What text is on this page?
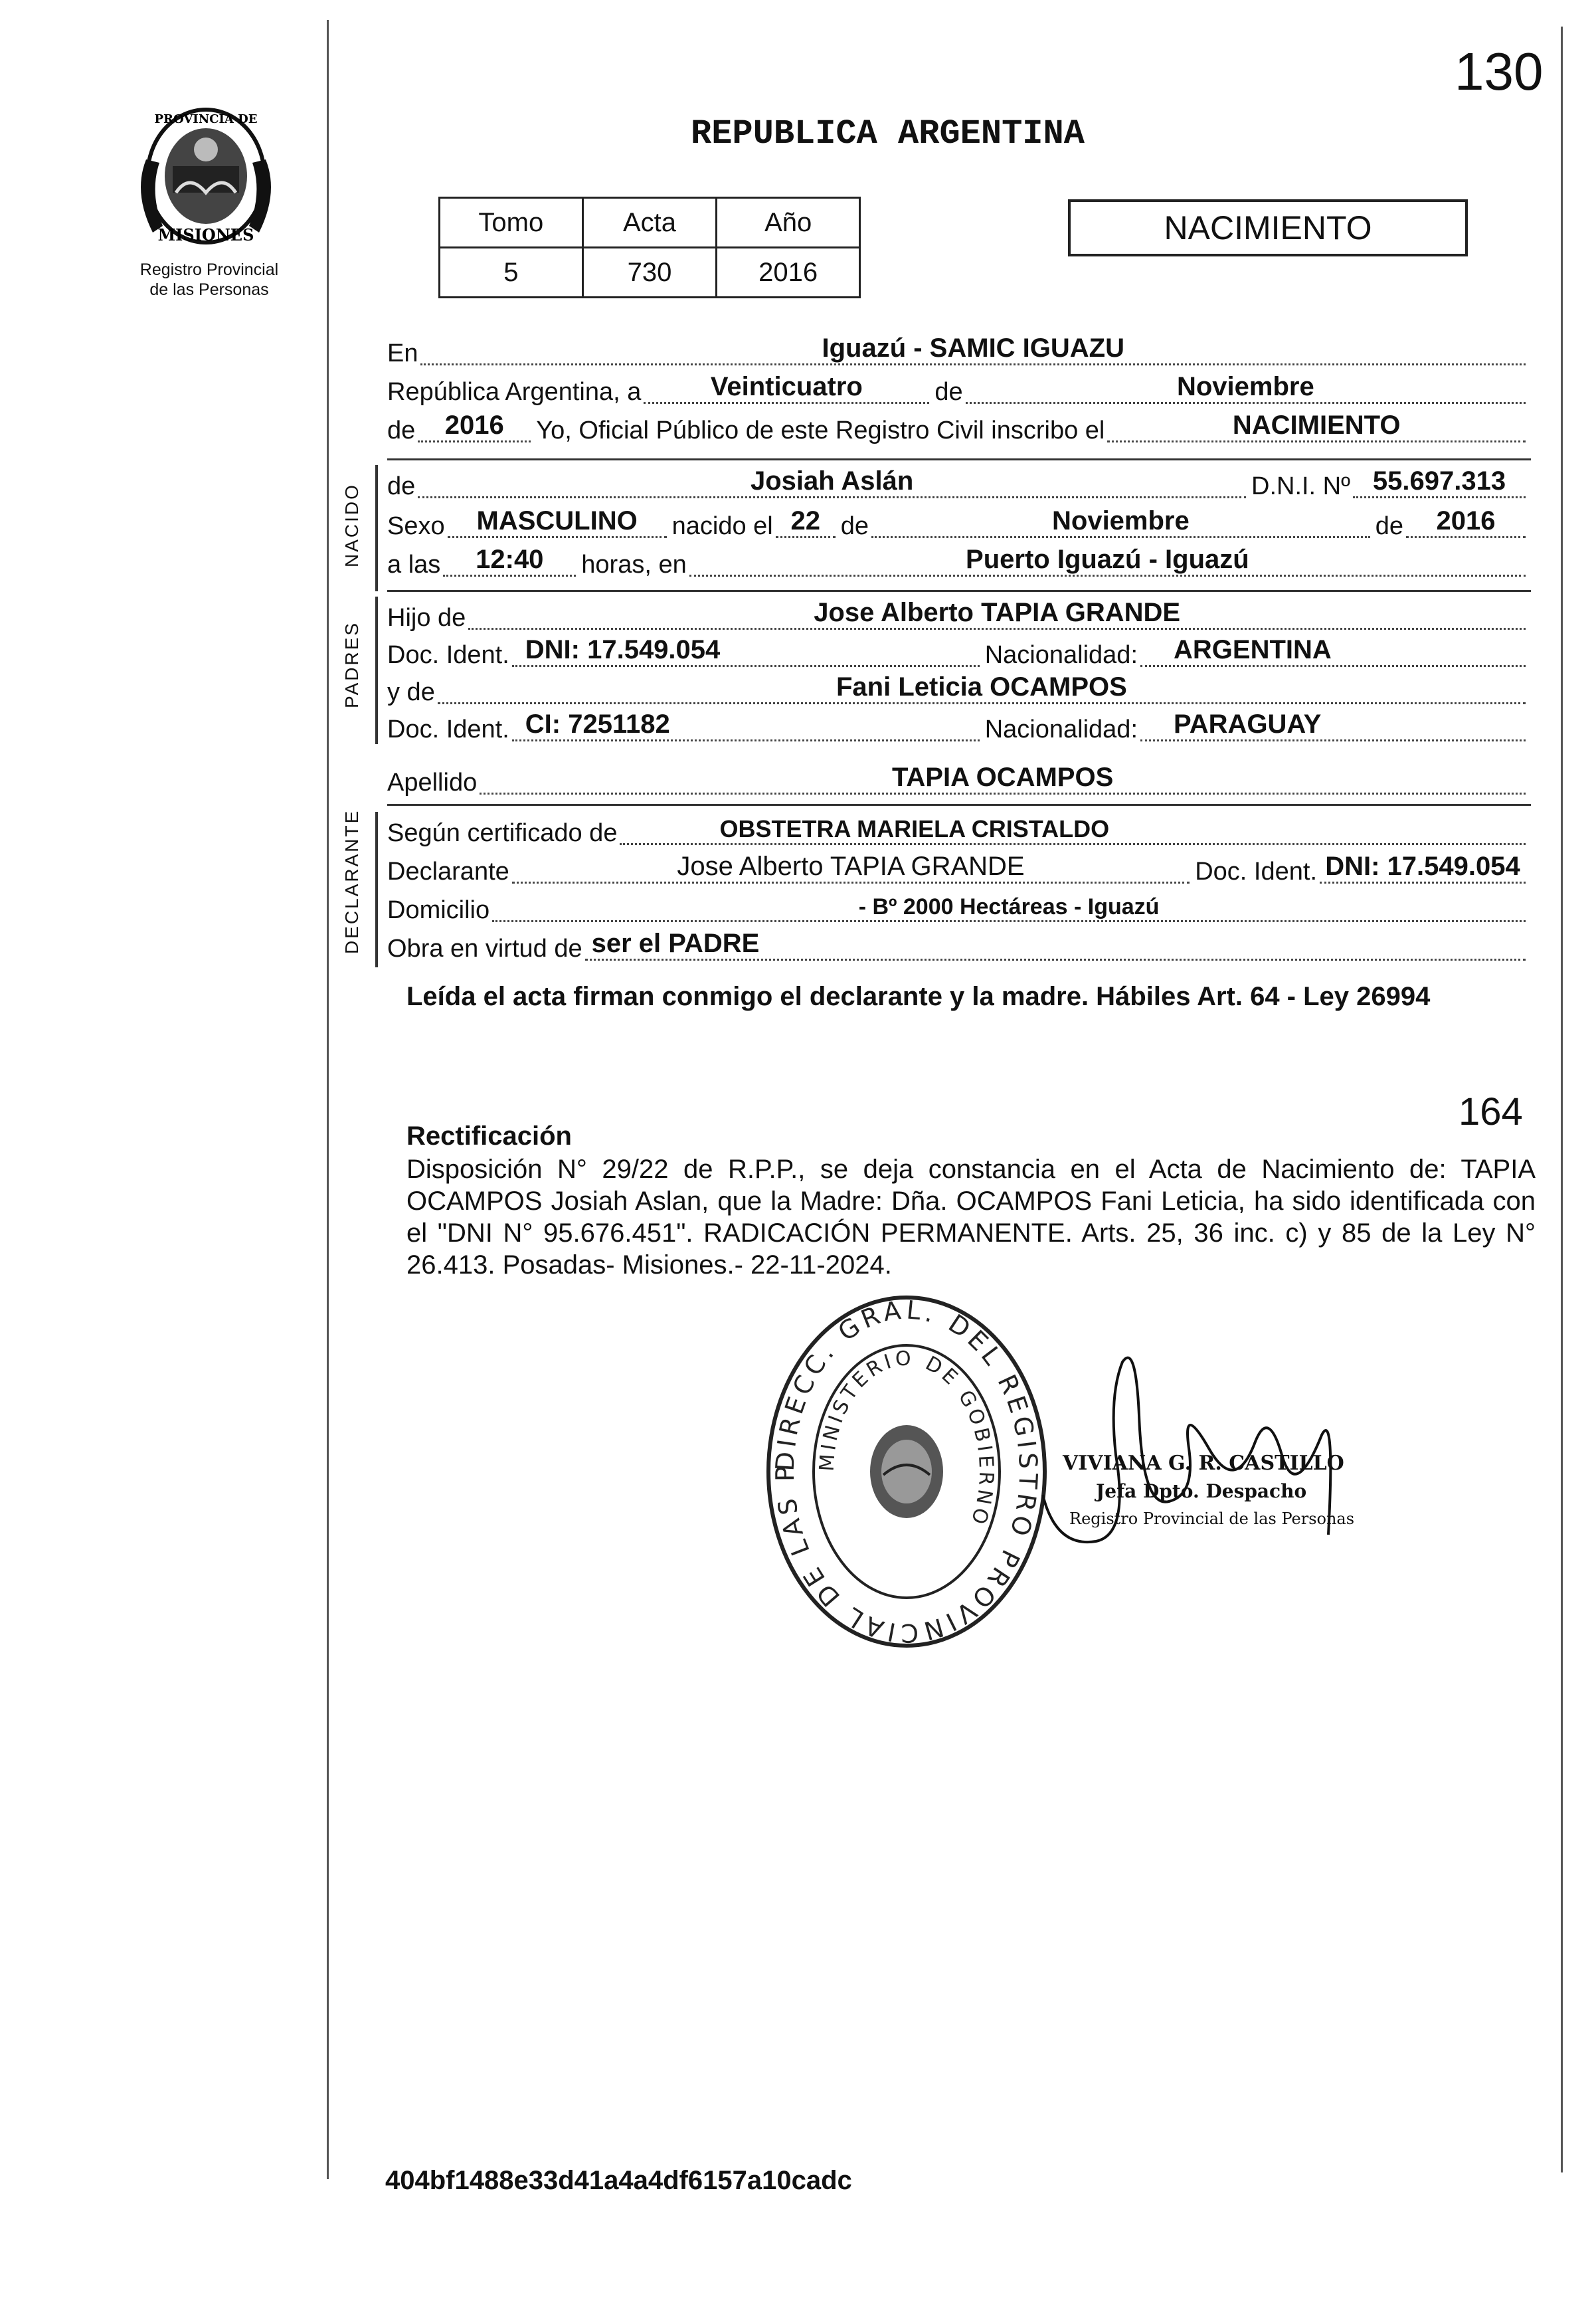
130
PROVINCIA DE
MISIONES
Registro Provincial
de las Personas
REPUBLICA ARGENTINA
Tomo	Acta	Año
5	730	2016
NACIMIENTO
En	Iguazú - SAMIC IGUAZU
República Argentina, a	Veinticuatro	de	Noviembre
de	2016	Yo, Oficial Público de este Registro Civil inscribo el	NACIMIENTO
NACIDO de	Josiah Aslán	D.N.I. Nº 55.697.313
Sexo	MASCULINO	nacido el 22 de	Noviembre	de	2016
a las	12:40	horas, en	Puerto Iguazú - Iguazú
PADRES
Hijo de	Jose Alberto TAPIA GRANDE
Doc. Ident. DNI: 17.549.054	Nacionalidad:	ARGENTINA
y de	Fani Leticia OCAMPOS
Doc. Ident. CI: 7251182	Nacionalidad:	PARAGUAY
Apellido	TAPIA OCAMPOS
DECLARANTE Según certificado de	OBSTETRA MARIELA CRISTALDO
Declarante	Jose Alberto TAPIA GRANDE	Doc. Ident. DNI: 17.549.054
Domicilio	- Bº 2000 Hectáreas - Iguazú
Obra en virtud de ser el PADRE
Leída el acta firman conmigo el declarante y la madre. Hábiles Art. 64 - Ley 26994
164
Rectificación
Disposición N° 29/22 de R.P.P., se deja constancia en el Acta de Nacimiento de: TAPIA OCAMPOS Josiah Aslan, que la Madre: Dña. OCAMPOS Fani Leticia, ha sido identificada con el "DNI N° 95.676.451". RADICACIÓN PERMANENTE. Arts. 25, 36 inc. c) y 85 de la Ley N° 26.413. Posadas- Misiones.- 22-11-2024.
DIRECC. GRAL. DEL REGISTRO PROVINCIAL DE LAS P MINISTERIO DE GOBIERNO
VIVIANA G. R. CASTILLO
Jefa Dpto. Despacho
Registro Provincial de las Personas
404bf1488e33d41a4a4df6157a10cadc
